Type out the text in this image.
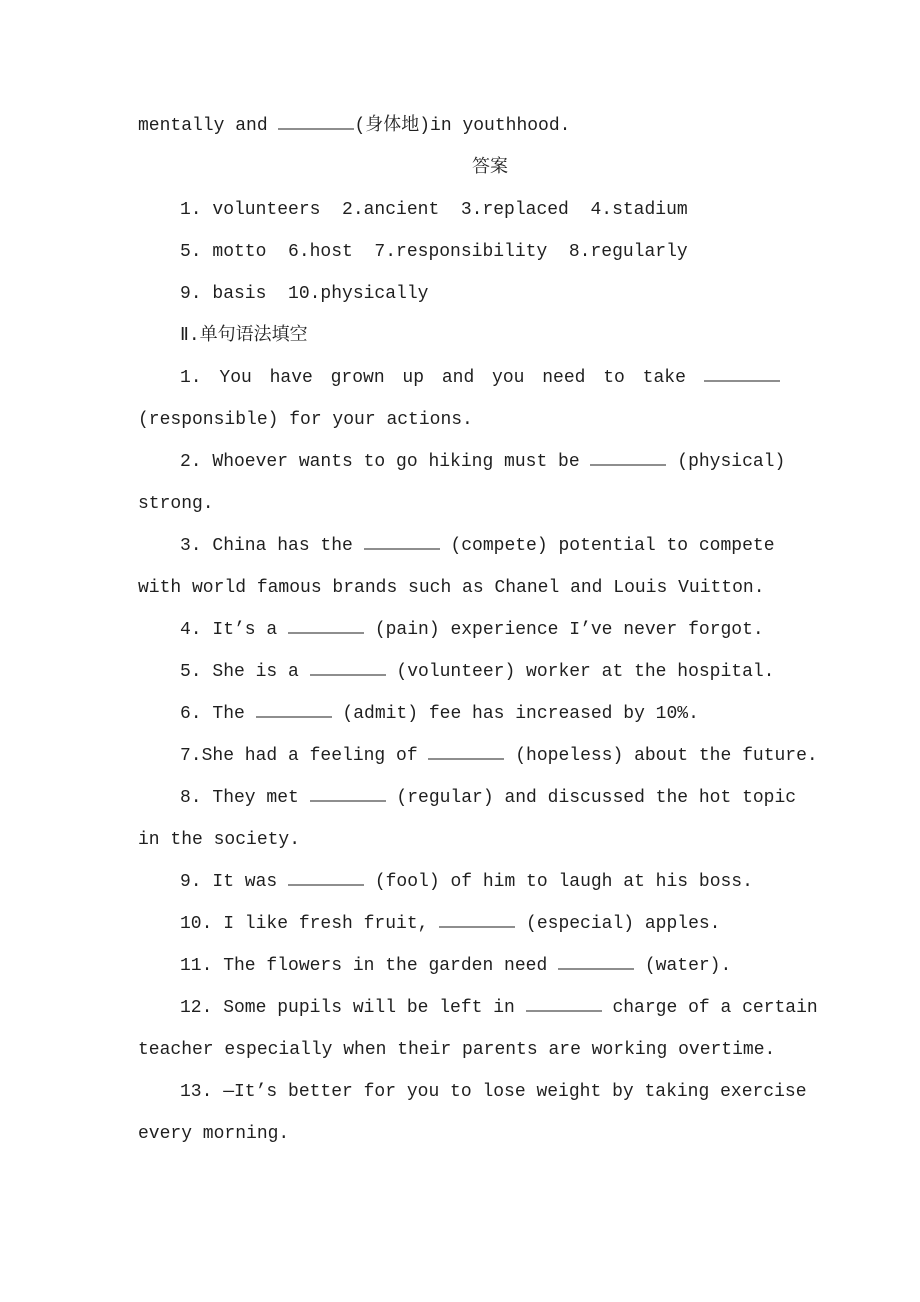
mentally and	(身体地)in youthhood.
答案
1. volunteers  2.ancient  3.replaced  4.stadium
5. motto  6.host  7.responsibility  8.regularly
9. basis  10.physically
Ⅱ.单句语法填空
1. You have grown up and you need to take
(responsible) for your actions.
2. Whoever wants to go hiking must be	(physical)
strong.
3. China has the	(compete) potential to compete
with world famous brands such as Chanel and Louis Vuitton.
4. It’s a	(pain) experience I’ve never forgot.
5. She is a	(volunteer) worker at the hospital.
6. The	(admit) fee has increased by 10%.
7.She had a feeling of	(hopeless) about the future.
8. They met	(regular) and discussed the hot topic
in the society.
9. It was	(fool) of him to laugh at his boss.
10. I like fresh fruit,	(especial) apples.
11. The flowers in the garden need	(water).
12. Some pupils will be left in	charge of a certain
teacher especially when their parents are working overtime.
13. —It’s better for you to lose weight by taking exercise
every morning.
